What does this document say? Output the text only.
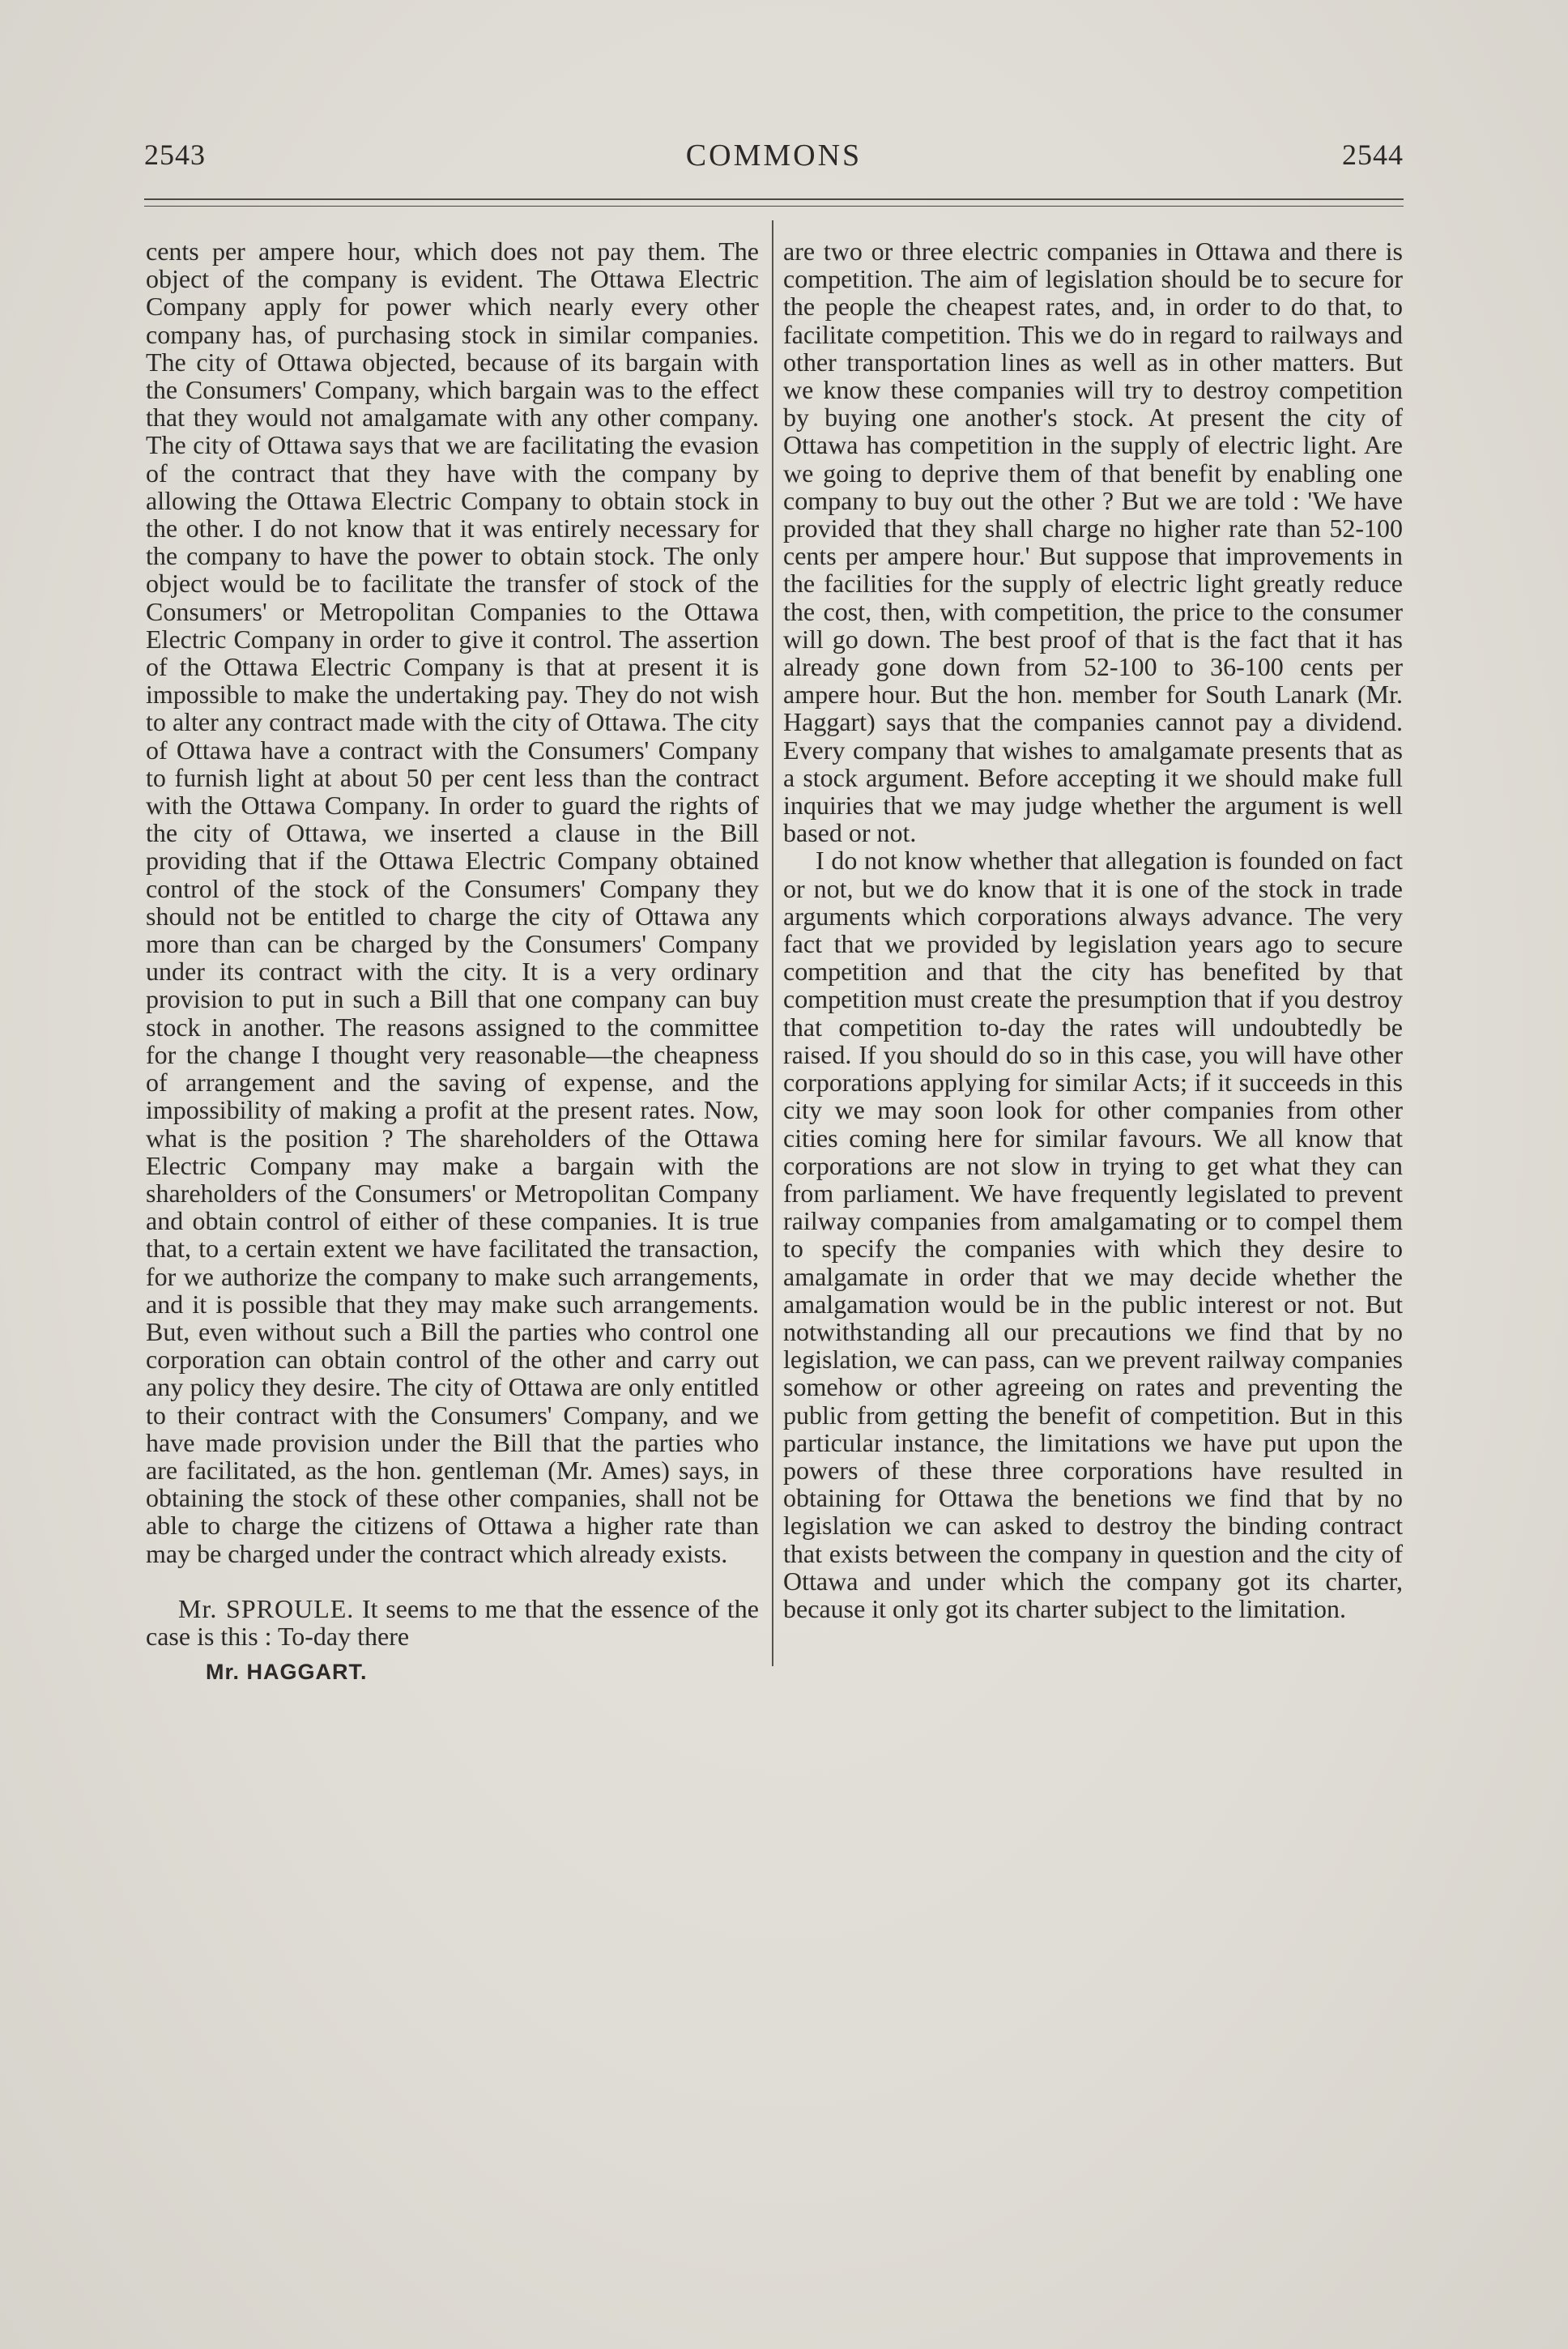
2543	COMMONS	2544

cents per ampere hour, which does not pay them. The object of the company is evident. The Ottawa Electric Company apply for power which nearly every other company has, of purchasing stock in similar companies. The city of Ottawa objected, because of its bargain with the Consumers' Company, which bargain was to the effect that they would not amalgamate with any other company. The city of Ottawa says that we are facilitating the evasion of the contract that they have with the company by allowing the Ottawa Electric Company to obtain stock in the other. I do not know that it was entirely necessary for the company to have the power to obtain stock. The only object would be to facilitate the transfer of stock of the Consumers' or Metropolitan Companies to the Ottawa Electric Company in order to give it control. The assertion of the Ottawa Electric Company is that at present it is impossible to make the undertaking pay. They do not wish to alter any contract made with the city of Ottawa. The city of Ottawa have a contract with the Consumers' Company to furnish light at about 50 per cent less than the contract with the Ottawa Company. In order to guard the rights of the city of Ottawa, we inserted a clause in the Bill providing that if the Ottawa Electric Company obtained control of the stock of the Consumers' Company they should not be entitled to charge the city of Ottawa any more than can be charged by the Consumers' Company under its contract with the city. It is a very ordinary provision to put in such a Bill that one company can buy stock in another. The reasons assigned to the committee for the change I thought very reasonable—the cheapness of arrangement and the saving of expense, and the impossibility of making a profit at the present rates. Now, what is the position ? The shareholders of the Ottawa Electric Company may make a bargain with the shareholders of the Consumers' or Metropolitan Company and obtain control of either of these companies. It is true that, to a certain extent we have facilitated the transaction, for we authorize the company to make such arrangements, and it is possible that they may make such arrangements. But, even without such a Bill the parties who control one corporation can obtain control of the other and carry out any policy they desire. The city of Ottawa are only entitled to their contract with the Consumers' Company, and we have made provision under the Bill that the parties who are facilitated, as the hon. gentleman (Mr. Ames) says, in obtaining the stock of these other companies, shall not be able to charge the citizens of Ottawa a higher rate than may be charged under the contract which already exists.

Mr. SPROULE. It seems to me that the essence of the case is this : To-day there

are two or three electric companies in Ottawa and there is competition. The aim of legislation should be to secure for the people the cheapest rates, and, in order to do that, to facilitate competition. This we do in regard to railways and other transportation lines as well as in other matters. But we know these companies will try to destroy competition by buying one another's stock. At present the city of Ottawa has competition in the supply of electric light. Are we going to deprive them of that benefit by enabling one company to buy out the other ? But we are told : 'We have provided that they shall charge no higher rate than 52-100 cents per ampere hour.' But suppose that improvements in the facilities for the supply of electric light greatly reduce the cost, then, with competition, the price to the consumer will go down. The best proof of that is the fact that it has already gone down from 52-100 to 36-100 cents per ampere hour. But the hon. member for South Lanark (Mr. Haggart) says that the companies cannot pay a dividend. Every company that wishes to amalgamate presents that as a stock argument. Before accepting it we should make full inquiries that we may judge whether the argument is well based or not.

I do not know whether that allegation is founded on fact or not, but we do know that it is one of the stock in trade arguments which corporations always advance. The very fact that we provided by legislation years ago to secure competition and that the city has benefited by that competition must create the presumption that if you destroy that competition to-day the rates will undoubtedly be raised. If you should do so in this case, you will have other corporations applying for similar Acts; if it succeeds in this city we may soon look for other companies from other cities coming here for similar favours. We all know that corporations are not slow in trying to get what they can from parliament. We have frequently legislated to prevent railway companies from amalgamating or to compel them to specify the companies with which they desire to amalgamate in order that we may decide whether the amalgamation would be in the public interest or not. But notwithstanding all our precautions we find that by no legislation, we can pass, can we prevent railway companies somehow or other agreeing on rates and preventing the public from getting the benefit of competition. But in this particular instance, the limitations we have put upon the powers of these three corporations have resulted in obtaining for Ottawa the benetions we find that by no legislation we can asked to destroy the binding contract that exists between the company in question and the city of Ottawa and under which the company got its charter, because it only got its charter subject to the limitation.

Mr. HAGGART.
